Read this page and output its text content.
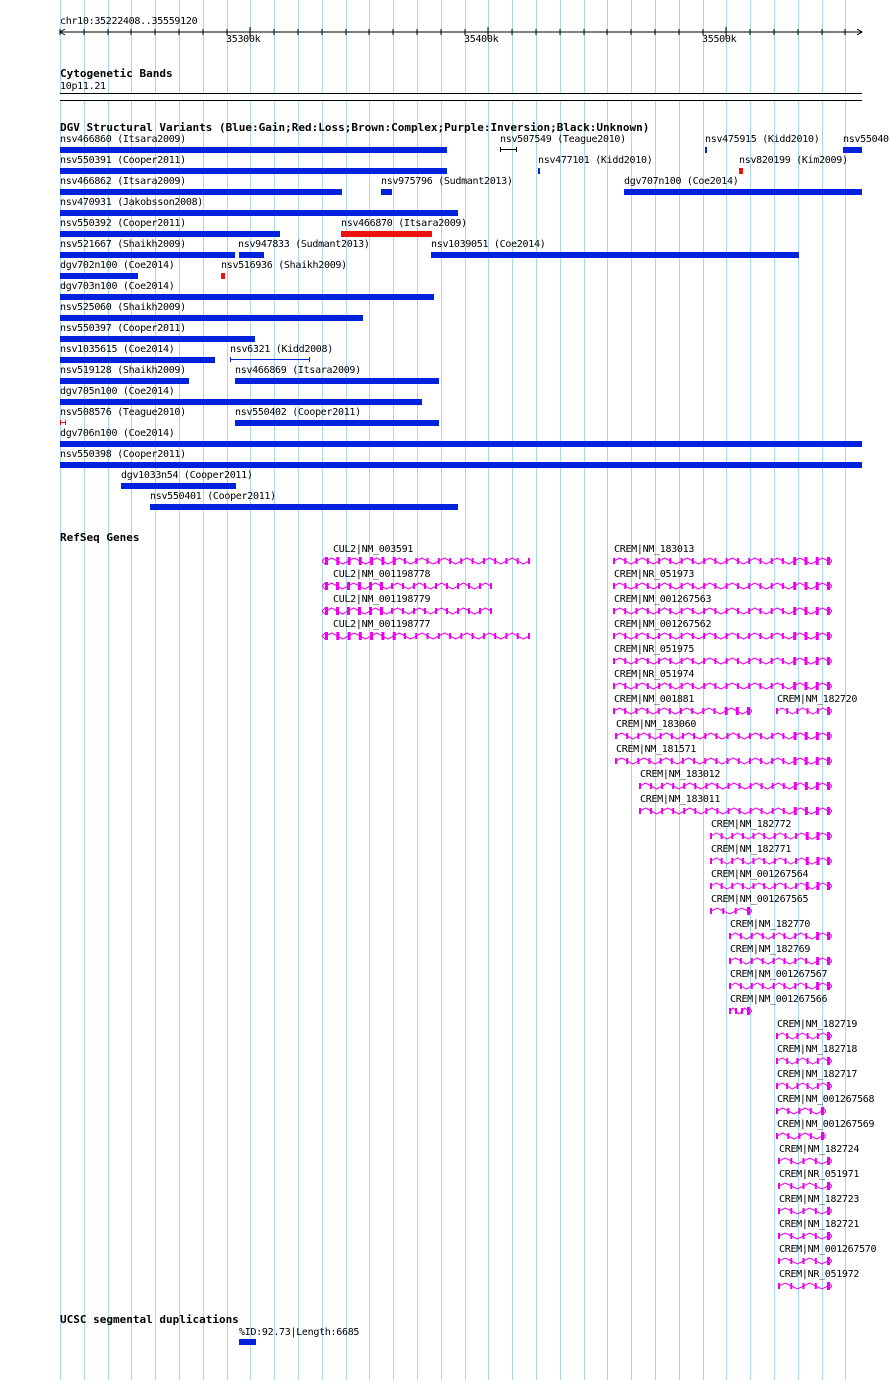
chr10:35222408..35559120
35300k	35400k	35500k
Cytogenetic Bands
10p11.21
DGV Structural Variants (Blue:Gain;Red:Loss;Brown:Complex;Purple:Inversion;Black:Unknown)
nsv466860 (Itsara2009)	nsv507549 (Teague2010)	nsv475915 (Kidd2010) nsv55040
nsv550391 (Cooper2011)	nsv477101 (Kidd2010)	nsv820199 (Kim2009)
nsv466862 (Itsara2009)	nsv975796 (Sudmant2013)	dgv707n100 (Coe2014)
nsv470931 (Jakobsson2008)
nsv550392 (Cooper2011)	nsv466870 (Itsara2009)
nsv521667 (Shaikh2009)	nsv947833 (Sudmant2013)	nsv1039051 (Coe2014)
dgv702n100 (Coe2014)	nsv516936 (Shaikh2009)
dgv703n100 (Coe2014)
nsv525060 (Shaikh2009)
nsv550397 (Cooper2011)
nsv1035615 (Coe2014)	nsv6321 (Kidd2008)
nsv519128 (Shaikh2009)	nsv466869 (Itsara2009)
dgv705n100 (Coe2014)
nsv508576 (Teague2010)	nsv550402 (Cooper2011)
dgv706n100 (Coe2014)
nsv550398 (Cooper2011)
dgv1033n54 (Cooper2011)
nsv550401 (Cooper2011)
RefSeq Genes
CUL2|NM_003591
CUL2|NM_001198778
CUL2|NM_001198779
CUL2|NM_001198777
CREM|NM_183013
CREM|NR_051973
CREM|NM_001267563
CREM|NM_001267562
CREM|NR_051975
CREM|NR_051974
CREM|NM_001881	CREM|NM_182720
CREM|NM_183060
CREM|NM_181571
CREM|NM_183012
CREM|NM_183011
CREM|NM_182772
CREM|NM_182771
CREM|NM_001267564
CREM|NM_001267565
CREM|NM_182770
CREM|NM_182769
CREM|NM_001267567
CREM|NM_001267566
CREM|NM_182719
CREM|NM_182718
CREM|NM_182717
CREM|NM_001267568
CREM|NM_001267569
CREM|NM_182724
CREM|NR_051971
CREM|NM_182723
CREM|NM_182721
CREM|NM_001267570
CREM|NR_051972
UCSC segmental duplications
%ID:92.73|Length:6685
